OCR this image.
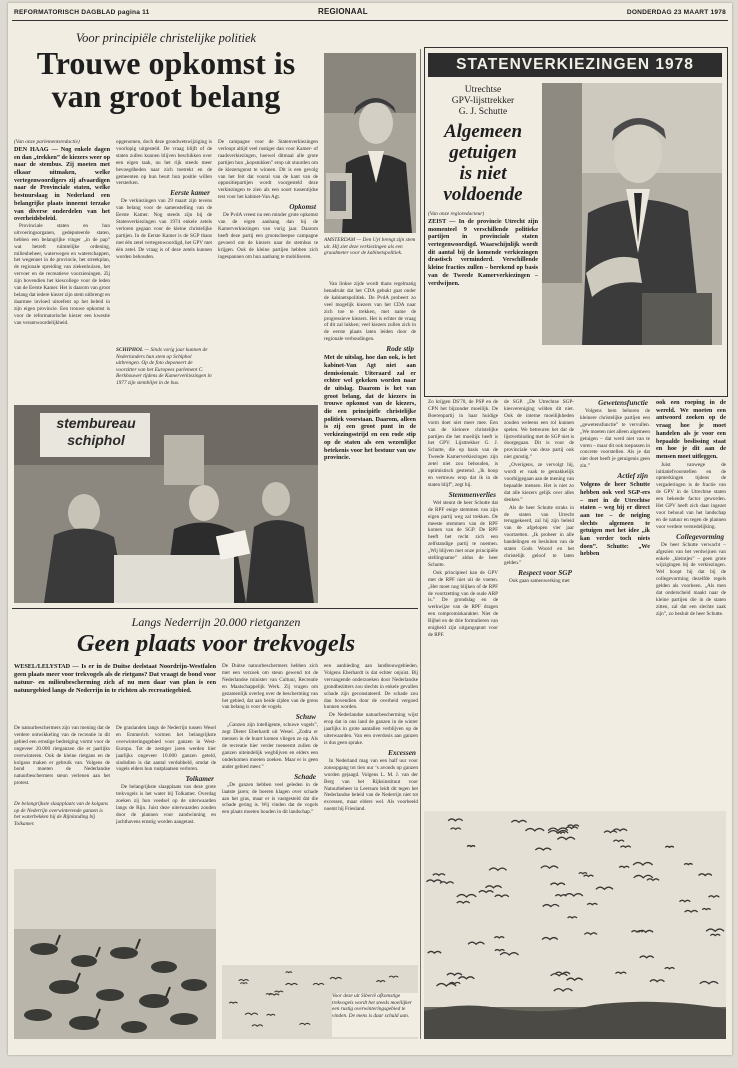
REFORMATORISCH DAGBLAD pagina 11	REGIONAAL	DONDERDAG 23 MAART 1978
Voor principiële christelijke politiek
Trouwe opkomst is
van groot belang
(Van onze parlementsredactie)
DEN HAAG — Nog enkele dagen en dan „trekken” de kiezers weer op naar de stembus. Zij moeten met elkaar uitmaken, welke vertegenwoordigers zij afvaardigen naar de Provinciale staten, welke bestuurslaag in Nederland een belangrijke plaats inneemt terzake van diverse onderdelen van het overheidsbeleid.

Provinciale staten en hun uitvoeringsorganen, gedeputeerde staten, hebben een belangrijke vinger „in de pap” wat betreft ruimtelijke ordening, milieubeheer, waterwegen en waterschappen, het wegennet in de provincie, het streekplan, de regionale spreiding van ziekenhuizen, het vervoer en de recreatieve voorzieningen. Zij zijn bovendien het kiescollege voor de leden van de Eerste Kamer. Het is daarom van groot belang dat iedere kiezer zijn stem uitbrengt en daarmee invloed uitoefent op het beleid in zijn eigen provincie. Een trouwe opkomst is voor de reformatorische kiezer een kwestie van verantwoordelijkheid.

opgenomen, doch deze grondwetswijziging is voorlopig uitgesteld. De vraag blijft of de staten zullen kunnen blijven beschikken over een eigen taak, nu het rijk steeds meer bevoegdheden naar zich toetrekt en de gemeenten op hun beurt hun positie willen versterken.

Eerste kamer

De verkiezingen van 29 maart zijn tevens van belang voor de samenstelling van de Eerste Kamer. Nog steeds zijn bij de Statenverkiezingen van 1974 enkele zetels verloren gegaan voor de kleine christelijke partijen. In de Eerste Kamer is de SGP thans met één zetel vertegenwoordigd, het GPV met één zetel. De vraag is of deze zetels kunnen worden behouden.

SCHIPHOL — Sinds vorig jaar kunnen de Nederlanders hun stem op Schiphol uitbrengen. Op de foto deponeert de voorzitter van het Europees parlement C. Berkhouwer tijdens de Kamerverkiezingen in 1977 zijn stembiljet in de bus.

De campagne voor de Statenverkiezingen verloopt altijd veel rustiger dan voor Kamer- of raadsverkiezingen, hoewel ditmaal alle grote partijen hun „kopstukken” erop uit stuurden om de kiezersgunst te winnen. Dit is een gevolg van het feit dat vooral van de kant van de oppositiepartijen wordt voorgesteld deze verkiezingen te zien als een soort tussentijdse test voor het kabinet-Van Agt.

Opkomst

De PvdA vreest nu een minder grote opkomst van de eigen aanhang dan bij de Kamerverkiezingen van vorig jaar. Daarom heeft deze partij een grootscheepse campagne gevoerd om de kiezers naar de stembus te krijgen. Ook de kleine partijen hebben zich ingespannen om hun aanhang te mobiliseren.

AMSTERDAM — Den Uyl brengt zijn stem uit. Hij ziet deze verkiezingen als een graadmeter voor de kabinetspolitiek.

Van linkse zijde wordt thans regelmatig benadrukt dat het CDA gebukt gaat onder de kabinetspolitiek. De PvdA probeert zo veel mogelijk kiezers van het CDA naar zich toe te trekken, met name de progressieve kiezers. Het is echter de vraag of dit zal lukken; veel kiezers zullen zich in de eerste plaats laten leiden door de regionale verhoudingen.

Rode stip

Met de uitslag, hoe dan ook, is het kabinet-Van Agt niet aan demissionair. Uiteraard zal er echter wel gekeken worden naar de uitslag. Daarom is het van groot belang, dat de kiezers in trouwe opkomst van de kiezers, die een principiële christelijke politiek voorstaan. Daarom, alleen is zij een groot punt in de verkiezingsstrijd en een rode stip op de staten als een wezenlijke betekenis voor het bestuur van uw provincie.

stembureau
schiphol
Langs Nederrijn 20.000 rietganzen
Geen plaats voor trekvogels
WESEL/LELYSTAD — Is er in de Duitse deelstaat Noordrijn-Westfalen geen plaats meer voor trekvogels als de rietgans? Dat vraagt de bond voor natuur- en milieubescherming zich af nu men daar van plan is een natuurgebied langs de Nederrijn in te richten als recreatiegebied.

De natuurbeschermers zijn van mening dat de verdere ontwikkeling van de recreatie in dit gebied een ernstige bedreiging vormt voor de ongeveer 20.000 rietganzen die er jaarlijks overwinteren. Ook de kleine rietgans en de kolgans maken er gebruik van. Volgens de bond moeten de Nederlandse natuurbeschermers steun verlenen aan het protest.

De belangrijkste slaapplaats van de kolgans op de Nederrijn overwinterende ganzen is het waterbekken bij de Rijnlanding bij Tolkamer.

De graslanden langs de Nederrijn tussen Wesel en Emmerich vormen het belangrijkste overwinteringsgebied voor ganzen in West-Europa. Tot de zestiger jaren werden hier jaarlijks ongeveer 10.000 ganzen geteld, sindsdien is dat aantal verdubbeld, omdat de vogels elders hun rustplaatsen verloren.

Tolkamer

De belangrijkste slaapplaats van deze grote trekvogels is het water bij Tolkamer. Overdag zoeken zij hun voedsel op de uiterwaarden langs de Rijn. Juist deze uiterwaarden zouden door de plannen voor zandwinning en jachthavens ernstig worden aangetast.

De Duitse natuurbeschermers hebben zich met een verzoek om steun gewend tot de Nederlandse minister van Cultuur, Recreatie en Maatschappelijk Werk. Zij vragen om gezamenlijk overleg over de bescherming van het gebied, dat aan beide zijden van de grens van belang is voor de vogels.

Schuw

„Ganzen zijn intelligente, schuwe vogels”, zegt Dieter Eberhardt uit Wesel. „Zodra er mensen in de buurt komen vliegen ze op. Als de recreatie hier verder toeneemt zullen de ganzen uiteindelijk wegblijven en elders een onderkomen moeten zoeken. Maar er is geen ander gebied meer.”

Schade

„De ganzen hebben veel geleden in de laatste jaren; de boeren klagen over schade aan het gras, maar er is vastgesteld dat die schade gering is. Wij vinden dat de vogels een plaats moeten houden in dit landschap.”

een aanbieding aan landbouwgebieden. Volgens Eberhardt is dat echter onjuist. Bij vervangende onderzoeken door Nederlandse grondbezitters zou slechts in enkele gevallen schade zijn geconstateerd. De schade zou dan bovendien door de overheid vergoed kunnen worden.

De Nederlandse natuurbescherming wijst erop dat in ons land de ganzen in de winter jaarlijks in grote aantallen verblijven op de uiterwaarden. Van een overdosis aan ganzen is dus geen sprake.

Excessen

In Nederland mag van een half uur voor zonsopgang tot tien uur ‘s avonds op ganzen worden gejaagd. Volgens L. M. J. van der Berg van het Rijksinstituut voor Natuurbeheer in Leersum leidt dit tegen het Nederlandse beleid van de Nederrijn niet tot excessen, maar elders wel. Als voorbeeld noemt hij Friesland.

STATENVERKIEZINGEN 1978
Utrechtse
GPV-lijsttrekker
G. J. Schutte
Algemeen
getuigen
is niet
voldoende
(Van onze regioredacteur)
ZEIST — In de provincie Utrecht zijn momenteel 9 verschillende politieke partijen in provinciale staten vertegenwoordigd. Waarschijnlijk wordt dit aantal bij de komende verkiezingen drastisch verminderd. Verschillende kleine fracties zullen – berekend op basis van de Tweede Kamerverkiezingen – verdwijnen.

Zo krijgen DS'70, de PSP en de CPN het bijzonder moeilijk. De Boerenpartij in haar huidige vorm doet niet meer mee. Een van de kleinere christelijke partijen die het moeilijk heeft is het GPV. Lijsttrekker G. J. Schutte, die op basis van de Tweede Kamerverkiezingen zijn zetel niet zou behouden, is optimistisch gestemd. „Ik hoop en vertrouw erop dat ik in de staten blijf”, zegt hij.

Stemmenverlies

Wel steunt de heer Schutte dat de RPF enige stemmen van zijn eigen partij weg zal trekken. De meeste stemmen van de RPF komen van de SGP. De RPF heeft het recht zich een zelfstandige partij te noemen. „Wij blijven met onze principiële stellingname” aldus de heer Schutte.

Ook principieel kan de GPV met de RPF niet uit de voeten. „Het moet nog blijken of de RPF de voortzetting van de oude ARP is.” De grondslag en de werkwijze van de RPF dragen een compromiskarakter. Niet de Bijbel en de drie formulieren van enigheid zijn uitgangspunt voor de RPF.

de SGP. „De Utrechtse SGP-kiesvereniging wilden dit niet. Ook de interne moeilijkheden zouden weleens een rol kunnen spelen. We betreuren het dat de lijstverbinding met de SGP niet is doorgegaan. Dit is voor de provinciale van deze partij ook niet gunstig.”

„Overigens, ze vervolgt hij, wordt er vaak te gemakkelijk voorbijgegaan aan de mening van bepaalde mensen. Het is niet zo dat alle kiezers gelijk over alles denken.”

Als de heer Schutte straks in de staten van Utrecht teruggekeerd, zal hij zijn beleid van de afgelopen vier jaar voortzetten. „Ik probeer in alle handelingen en besluiten van de staten Gods Woord en het christelijk geloof te laten gelden.”

Respect voor SGP

Ook gaan samenwerking met

Gewetensfunctie

Volgens hem behoren de kleinere christelijke partijen een „gewetensfunctie” te vervullen. „We moeten niet alleen algemeen getuigen – dat werd niet van te voren – maar dit ook toepassen in concrete voorstellen. Als je dat niet doet heeft je getuigenis geen zin.”

Actief zijn

Volgens de heer Schutte hebben ook veel SGP-ers – met in de Utrechtse staten – weg bij er direct aan toe – de neiging slechts algemeen te getuigen met het idee „ik kan verder toch niets doen”. Schutte: „We hebben

ook een roeping in de wereld. We moeten een antwoord zoeken op de vraag hoe je moet handelen als je voor een bepaalde beslissing staat en hoe je dit aan de mensen moet uitleggen.

Juist vanwege de initiatiefvoorstellen en de opmerkingen tijdens de vergaderingen is de fractie van de GPV in de Utrechtse staten een bekende factor geworden. Het GPV heeft zich daar ingezet voor behoud van het landschap en de natuur en tegen de plannen voor verdere verstedelijking.

Collegevorming

De heer Schutte verwacht – afgezien van het verdwijnen van enkele „kleintjes” – geen grote wijzigingen bij de verkiezingen. Wel hoopt hij dat bij de collegevorming dezelfde regels gelden als voorheen. „Als men dat onderscheid maakt naar de kleine partijen die in de staten zitten, zal dat een slechte zaak zijn”, zo besluit de heer Schutte.

Voor deze uit Siberië afkomstige trekvogels wordt het steeds moeilijker een rustig overwinteringsgebied te vinden. De mens is daar schuld aan.
